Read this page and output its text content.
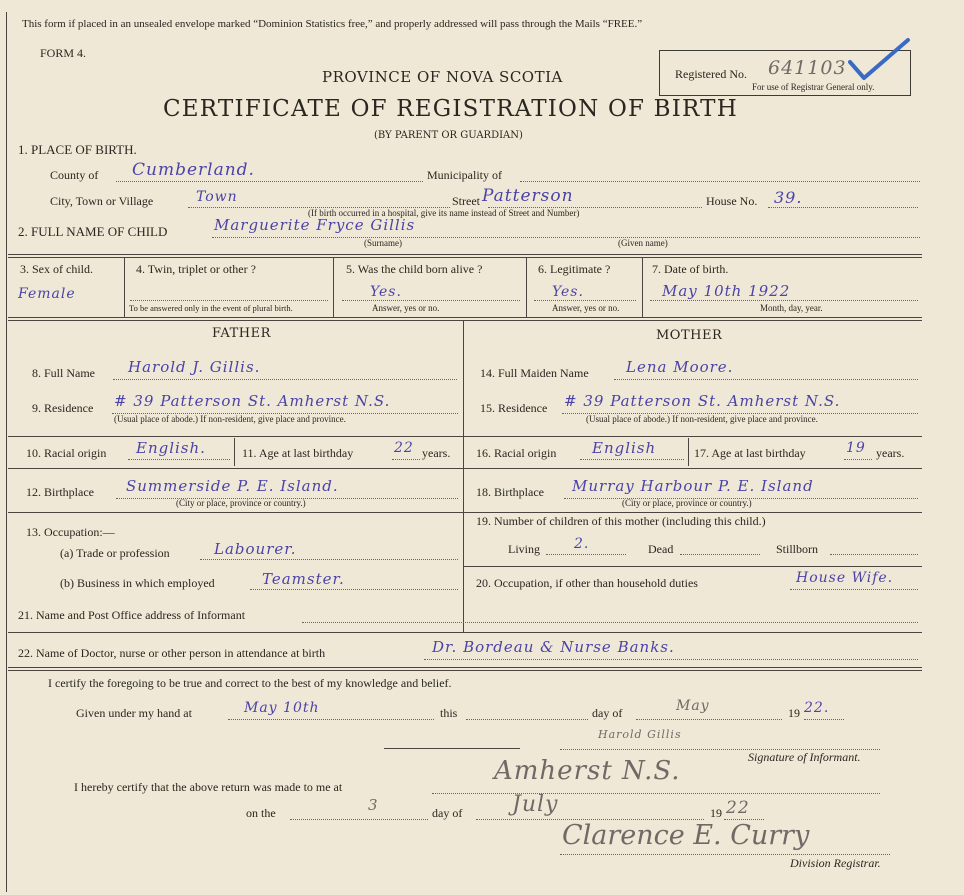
This form if placed in an unsealed envelope marked “Dominion Statistics free,” and properly addressed will pass through the Mails “FREE.”
FORM 4.
PROVINCE OF NOVA SCOTIA
CERTIFICATE OF REGISTRATION OF BIRTH
(BY PARENT OR GUARDIAN)
Registered No. 641103
For use of Registrar General only.
1. PLACE OF BIRTH.
County of Cumberland.	Municipality of
City, Town or Village	Town	Street Patterson	House No. 39.
(If birth occurred in a hospital, give its name instead of Street and Number)
2. FULL NAME OF CHILD	Marguerite Fryce Gillis
(Surname)	(Given name)
3. Sex of child.
Female
4. Twin, triplet or other ?
To be answered only in the event of plural birth.
5. Was the child born alive ?
Yes.
Answer, yes or no.
6. Legitimate ?
Yes.
Answer, yes or no.
7. Date of birth.
May 10th 1922
Month, day, year.
FATHER	MOTHER
8. Full Name Harold J. Gillis.
9. Residence # 39 Patterson St. Amherst N.S.
(Usual place of abode.) If non-resident, give place and province.
10. Racial origin English.	11. Age at last birthday	22 years.
12. Birthplace Summerside P. E. Island.
(City or place, province or country.)
13. Occupation:—
(a) Trade or profession	Labourer.
(b) Business in which employed	Teamster.
14. Full Maiden Name Lena Moore.
15. Residence # 39 Patterson St. Amherst N.S.
(Usual place of abode.) If non-resident, give place and province.
16. Racial origin English	17. Age at last birthday	19 years.
18. Birthplace Murray Harbour P. E. Island
(City or place, province or country.)
19. Number of children of this mother (including this child.)
Living 2.	Dead	Stillborn
20. Occupation, if other than household duties	House Wife.
21. Name and Post Office address of Informant
22. Name of Doctor, nurse or other person in attendance at birth	Dr. Bordeau & Nurse Banks.
I certify the foregoing to be true and correct to the best of my knowledge and belief.
Given under my hand at	May 10th	this	day of	May	19 22.
Harold Gillis
Signature of Informant.
I hereby certify that the above return was made to me at
Amherst N.S.
on the	3	day of July	19 22
Clarence E. Curry
Division Registrar.
